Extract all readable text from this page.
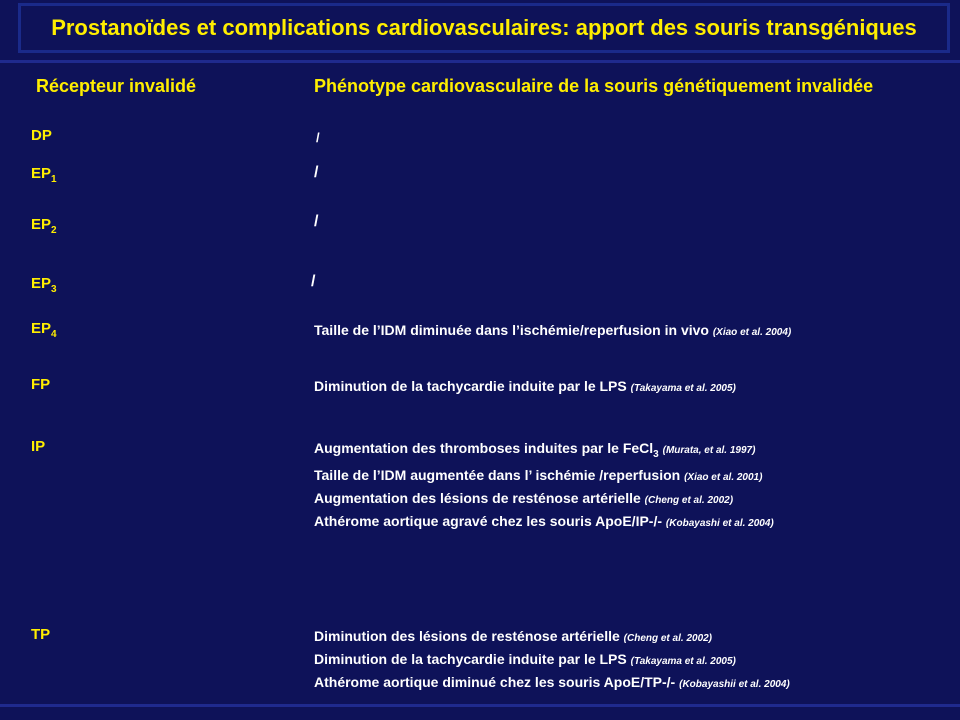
Prostanoïdes et complications cardiovasculaires: apport des souris transgéniques
Récepteur invalidé	Phénotype cardiovasculaire de la souris génétiquement invalidée
DP
$EP_1$
$EP_2$
$EP_3$
$EP_4$
FP
IP
TP
/
/
/
/
Taille de l’IDM diminuée dans l’ischémie/reperfusion in vivo (Xiao et al. 2004)
Diminution de la tachycardie induite par le LPS (Takayama et al. 2005)
Augmentation des thromboses induites par le FeCl$_3$ (Murata, et al. 1997)
Taille de l’IDM augmentée dans l’ ischémie /reperfusion (Xiao et al. 2001)
Augmentation des lésions de resténose artérielle (Cheng et al. 2002)
Athérome aortique agravé chez les souris ApoE/IP-/- (Kobayashi et al. 2004)
Diminution des lésions de resténose artérielle (Cheng et al. 2002)
Diminution de la tachycardie induite par le LPS (Takayama et al. 2005)
Athérome aortique diminué chez les souris ApoE/TP-/- (Kobayashii et al. 2004)
